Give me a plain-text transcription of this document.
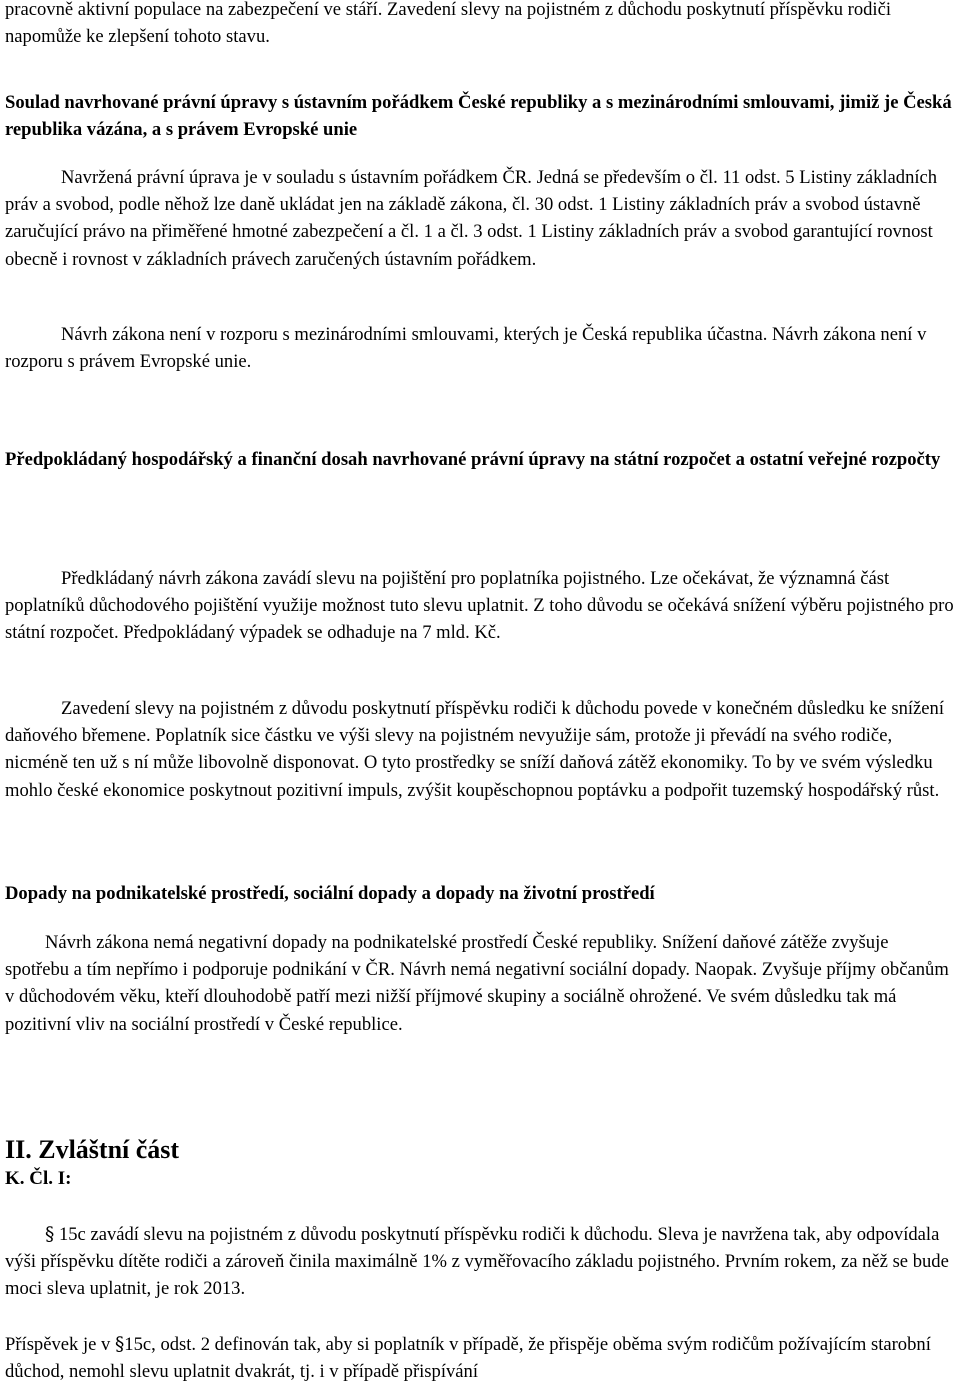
pracovně aktivní populace na zabezpečení ve stáří. Zavedení slevy na pojistném z důchodu poskytnutí příspěvku rodiči napomůže ke zlepšení tohoto stavu.

Soulad navrhované právní úpravy s ústavním pořádkem České republiky a s mezinárodními smlouvami, jimiž je Česká republika vázána, a s právem Evropské unie

Navržená právní úprava je v souladu s ústavním pořádkem ČR. Jedná se především o čl. 11 odst. 5 Listiny základních práv a svobod, podle něhož lze daně ukládat jen na základě zákona, čl. 30 odst. 1 Listiny základních práv a svobod ústavně zaručující právo na přiměřené hmotné zabezpečení a čl. 1 a čl. 3 odst. 1 Listiny základních práv a svobod garantující rovnost obecně i rovnost v základních právech zaručených ústavním pořádkem.

Návrh zákona není v rozporu s mezinárodními smlouvami, kterých je Česká republika účastna. Návrh zákona není v rozporu s právem Evropské unie.

Předpokládaný hospodářský a finanční dosah navrhované právní úpravy na státní rozpočet a ostatní veřejné rozpočty

Předkládaný návrh zákona zavádí slevu na pojištění pro poplatníka pojistného. Lze očekávat, že významná část poplatníků důchodového pojištění využije možnost tuto slevu uplatnit. Z toho důvodu se očekává snížení výběru pojistného pro státní rozpočet. Předpokládaný výpadek se odhaduje na 7 mld. Kč.

Zavedení slevy na pojistném z důvodu poskytnutí příspěvku rodiči k důchodu povede v konečném důsledku ke snížení daňového břemene. Poplatník sice částku ve výši slevy na pojistném nevyužije sám, protože ji převádí na svého rodiče, nicméně ten už s ní může libovolně disponovat. O tyto prostředky se sníží daňová zátěž ekonomiky. To by ve svém výsledku mohlo české ekonomice poskytnout pozitivní impuls, zvýšit koupěschopnou poptávku a podpořit tuzemský hospodářský růst.

Dopady na podnikatelské prostředí, sociální dopady a dopady na životní prostředí

Návrh zákona nemá negativní dopady na podnikatelské prostředí České republiky. Snížení daňové zátěže zvyšuje spotřebu a tím nepřímo i podporuje podnikání v ČR. Návrh nemá negativní sociální dopady. Naopak. Zvyšuje příjmy občanům v důchodovém věku, kteří dlouhodobě patří mezi nižší příjmové skupiny a sociálně ohrožené. Ve svém důsledku tak má pozitivní vliv na sociální prostředí v České republice.

II. Zvláštní část
K. Čl. I:

§ 15c zavádí slevu na pojistném z důvodu poskytnutí příspěvku rodiči k důchodu. Sleva je navržena tak, aby odpovídala výši příspěvku dítěte rodiči a zároveň činila maximálně 1% z vyměřovacího základu pojistného. Prvním rokem, za něž se bude moci sleva uplatnit, je rok 2013.

Příspěvek je v §15c, odst. 2 definován tak, aby si poplatník v případě, že přispěje oběma svým rodičům požívajícím starobní důchod, nemohl slevu uplatnit dvakrát, tj. i v případě přispívání
